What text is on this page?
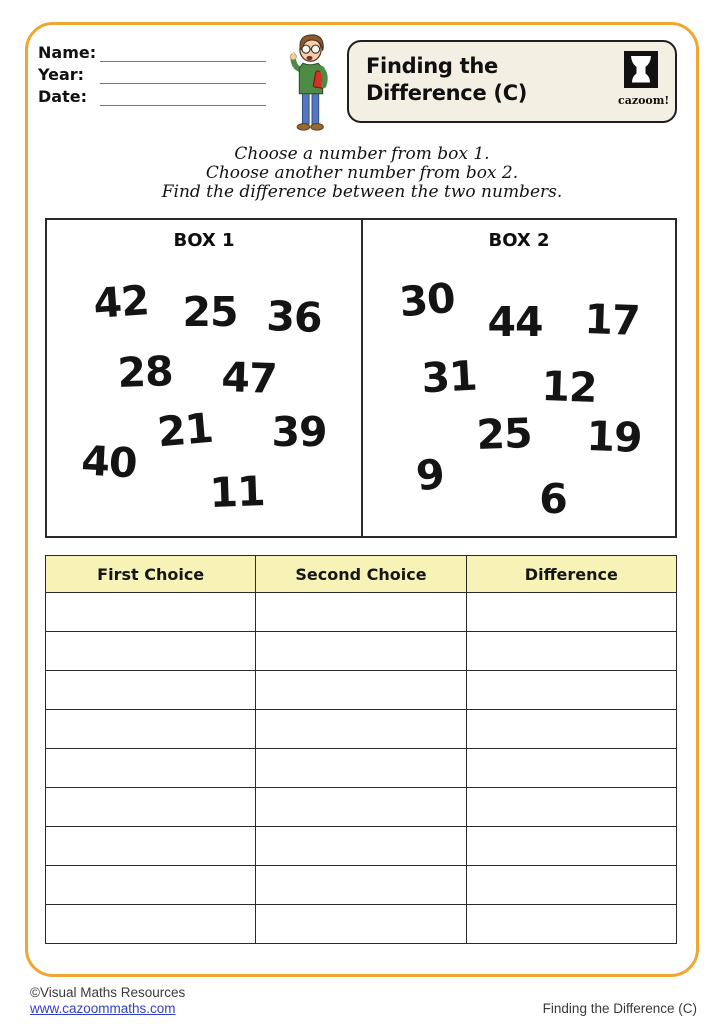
Name:
Year:
Date:
Finding the
Difference (C)	cazoom!
Choose a number from box 1.
Choose another number from box 2.
Find the difference between the two numbers.
BOX 1
42 25 36
28 47
21 39
40
11
BOX 2
30 44 17
31 12
25 19
9 6
First Choice	Second Choice	Difference

©Visual Maths Resources
www.cazoommaths.com	Finding the Difference (C)
